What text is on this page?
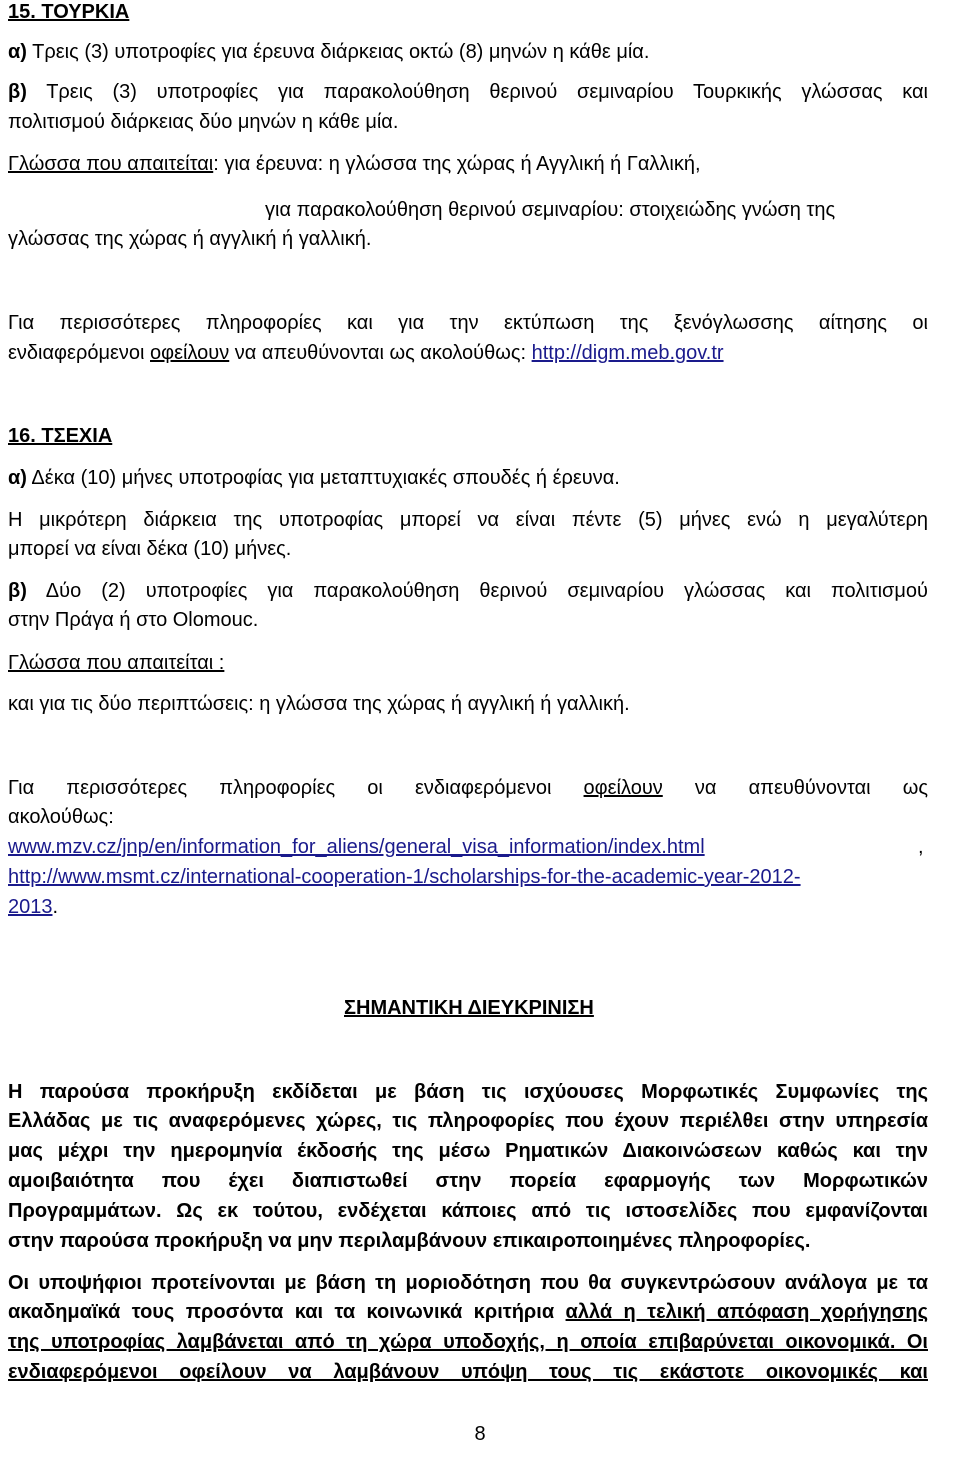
15. ΤΟΥΡΚΙΑ
α) Τρεις (3) υποτροφίες για έρευνα διάρκειας οκτώ (8) μηνών η κάθε μία.
β) Τρεις (3) υποτροφίες για παρακολούθηση θερινού σεμιναρίου Τουρκικής γλώσσας και
πολιτισμού διάρκειας δύο μηνών η κάθε μία.
Γλώσσα που απαιτείται: για έρευνα: η γλώσσα της χώρας ή Αγγλική ή Γαλλική,
για παρακολούθηση θερινού σεμιναρίου: στοιχειώδης γνώση της
γλώσσας της χώρας ή αγγλική ή γαλλική.
Για περισσότερες πληροφορίες και για την εκτύπωση της ξενόγλωσσης αίτησης οι
ενδιαφερόμενοι οφείλουν να απευθύνονται ως ακολούθως: http://digm.meb.gov.tr
16. ΤΣΕΧΙΑ
α) Δέκα (10) μήνες υποτροφίας για μεταπτυχιακές σπουδές ή έρευνα.
Η μικρότερη διάρκεια της υποτροφίας μπορεί να είναι πέντε (5) μήνες ενώ η μεγαλύτερη
μπορεί να είναι δέκα (10) μήνες.
β) Δύο (2) υποτροφίες για παρακολούθηση θερινού σεμιναρίου γλώσσας και πολιτισμού
στην Πράγα ή στο Olomouc.
Γλώσσα που απαιτείται :
και για τις δύο περιπτώσεις: η γλώσσα της χώρας ή αγγλική ή γαλλική.
Για περισσότερες πληροφορίες οι ενδιαφερόμενοι οφείλουν να απευθύνονται ως
ακολούθως:
www.mzv.cz/jnp/en/information_for_aliens/general_visa_information/index.html	,
http://www.msmt.cz/international-cooperation-1/scholarships-for-the-academic-year-2012-
2013.
ΣΗΜΑΝΤΙΚΗ ΔΙΕΥΚΡΙΝΙΣΗ
Η παρούσα προκήρυξη εκδίδεται με βάση τις ισχύουσες Μορφωτικές Συμφωνίες της
Ελλάδας με τις αναφερόμενες χώρες, τις πληροφορίες που έχουν περιέλθει στην υπηρεσία
μας μέχρι την ημερομηνία έκδοσής της μέσω Ρηματικών Διακοινώσεων καθώς και την
αμοιβαιότητα που έχει διαπιστωθεί στην πορεία εφαρμογής των Μορφωτικών
Προγραμμάτων. Ως εκ τούτου, ενδέχεται κάποιες από τις ιστοσελίδες που εμφανίζονται
στην παρούσα προκήρυξη να μην περιλαμβάνουν επικαιροποιημένες πληροφορίες.
Οι υποψήφιοι προτείνονται με βάση τη μοριοδότηση που θα συγκεντρώσουν ανάλογα με τα
ακαδημαϊκά τους προσόντα και τα κοινωνικά κριτήρια αλλά η τελική απόφαση χορήγησης
της υποτροφίας λαμβάνεται από τη χώρα υποδοχής, η οποία επιβαρύνεται οικονομικά. Οι
ενδιαφερόμενοι οφείλουν να λαμβάνουν υπόψη τους τις εκάστοτε οικονομικές και
8
